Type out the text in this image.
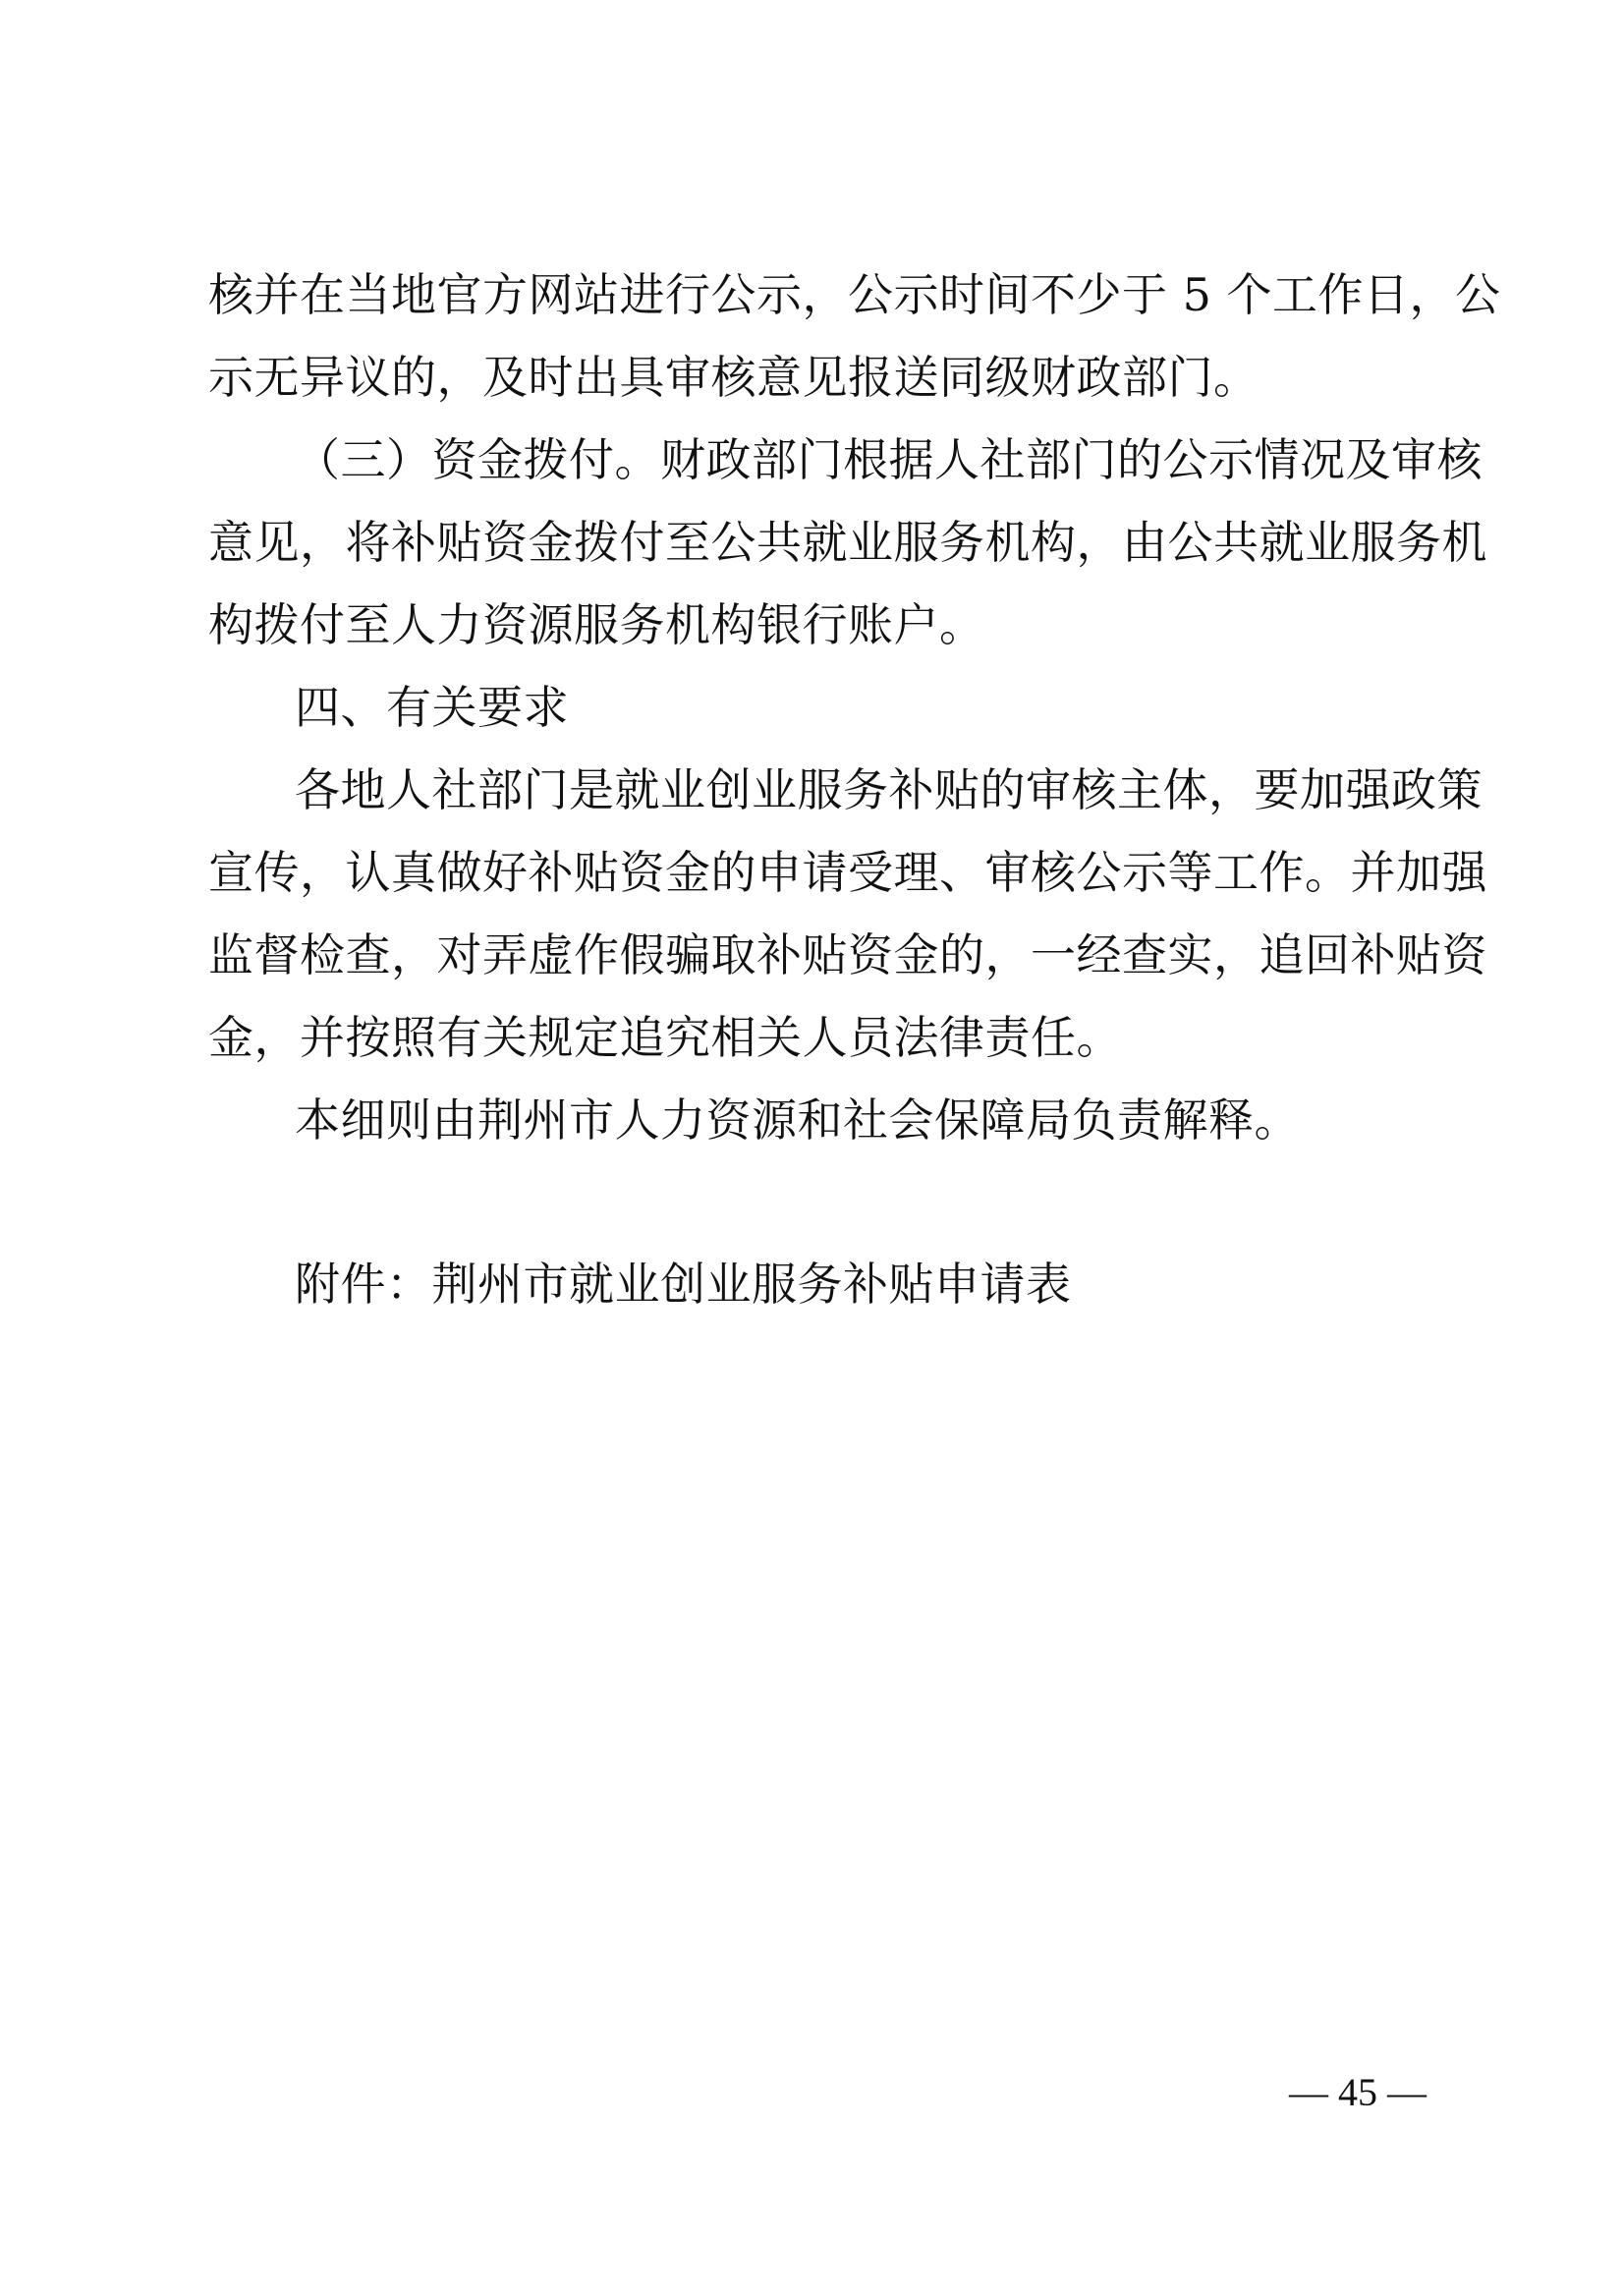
核并在当地官方网站进行公示，公示时间不少于 5 个工作日，公
示无异议的，及时出具审核意见报送同级财政部门。
（三）资金拨付。财政部门根据人社部门的公示情况及审核
意见，将补贴资金拨付至公共就业服务机构，由公共就业服务机
构拨付至人力资源服务机构银行账户。
四、有关要求
各地人社部门是就业创业服务补贴的审核主体，要加强政策
宣传，认真做好补贴资金的申请受理、审核公示等工作。并加强
监督检查，对弄虚作假骗取补贴资金的，一经查实，追回补贴资
金，并按照有关规定追究相关人员法律责任。
本细则由荆州市人力资源和社会保障局负责解释。
附件：荆州市就业创业服务补贴申请表
— 45 —
